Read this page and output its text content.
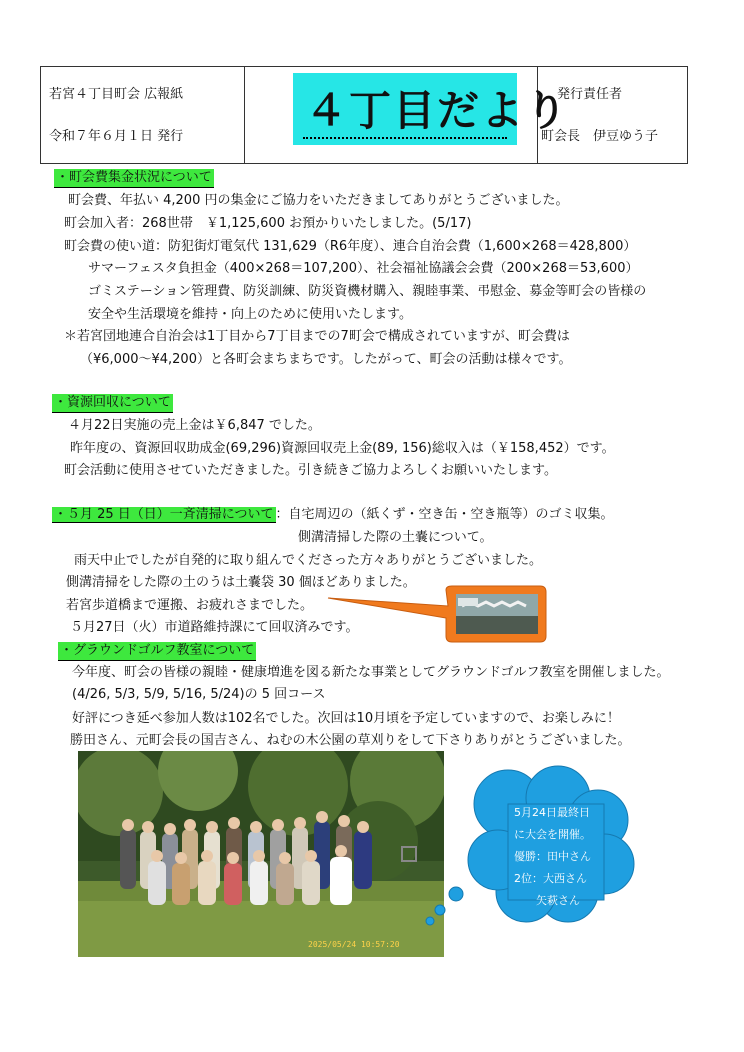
若宮４丁目町会 広報紙
令和７年６月１日 発行
４丁目だより
発行責任者
町会長　伊豆ゆう子
・町会費集金状況について
町会費、年払い 4,200 円の集金にご協力をいただきましてありがとうございました。
町会加入者：268世帯　￥1,125,600 お預かりいたしました。(5/17)
町会費の使い道：防犯街灯電気代 131,629（R6年度）、連合自治会費（1,600×268＝428,800）
サマーフェスタ負担金（400×268＝107,200）、社会福祉協議会会費（200×268＝53,600）
ゴミステーション管理費、防災訓練、防災資機材購入、親睦事業、弔慰金、募金等町会の皆様の
安全や生活環境を維持・向上のために使用いたします。
＊若宮団地連合自治会は1丁目から7丁目までの7町会で構成されていますが、町会費は
（¥6,000～¥4,200）と各町会まちまちです。したがって、町会の活動は様々です。
・資源回収について
４月22日実施の売上金は￥6,847 でした。
昨年度の、資源回収助成金(69,296)資源回収売上金(89, 156)総収入は（￥158,452）です。
町会活動に使用させていただきました。引き続きご協力よろしくお願いいたします。
・５月 25 日（日）一斉清掃について ：自宅周辺の（紙くず・空き缶・空き瓶等）のゴミ収集。
側溝清掃した際の土嚢について。
雨天中止でしたが自発的に取り組んでくださった方々ありがとうございました。
側溝清掃をした際の土のうは土嚢袋 30 個ほどありました。
若宮歩道橋まで運搬、お疲れさまでした。
５月27日（火）市道路維持課にて回収済みです。
・グラウンドゴルフ教室について
今年度、町会の皆様の親睦・健康増進を図る新たな事業としてグラウンドゴルフ教室を開催しました。
(4/26, 5/3, 5/9, 5/16, 5/24)の 5 回コース
好評につき延べ参加人数は102名でした。次回は10月頃を予定していますので、お楽しみに！
勝田さん、元町会長の国吉さん、ねむの木公園の草刈りをして下さりありがとうございました。
2025/05/24 10:57:20
5月24日最終日
に大会を開催。
優勝：田中さん
2位：大西さん
　　矢萩さん
